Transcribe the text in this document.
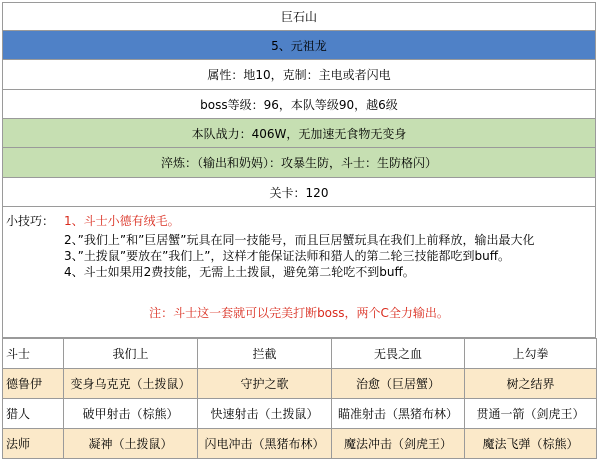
巨石山
5、元祖龙
属性：地10，克制：主电或者闪电
boss等级：96，本队等级90，越6级
本队战力：406W，无加速无食物无变身
淬炼：（输出和奶妈）：攻暴生防，斗士：生防格闪）
关卡：120
小技巧： 1、斗士小德有绒毛。
2、”我们上”和”巨居蟹”玩具在同一技能号，而且巨居蟹玩具在我们上前释放，输出最大化
3、”土拨鼠”要放在”我们上”，这样才能保证法师和猎人的第二轮三技能都吃到buff。
4、斗士如果用2费技能，无需上土拨鼠，避免第二轮吃不到buff。
注：斗士这一套就可以完美打断boss，两个C全力输出。
斗士	我们上	拦截	无畏之血	上勾拳
德鲁伊	变身乌克克（土拨鼠）	守护之歌	治愈（巨居蟹）	树之结界
猎人	破甲射击（棕熊）	快速射击（土拨鼠）	瞄准射击（黑猪布林）	贯通一箭（剑虎王）
法师	凝神（土拨鼠）	闪电冲击（黑猪布林）	魔法冲击（剑虎王）	魔法飞弹（棕熊）
